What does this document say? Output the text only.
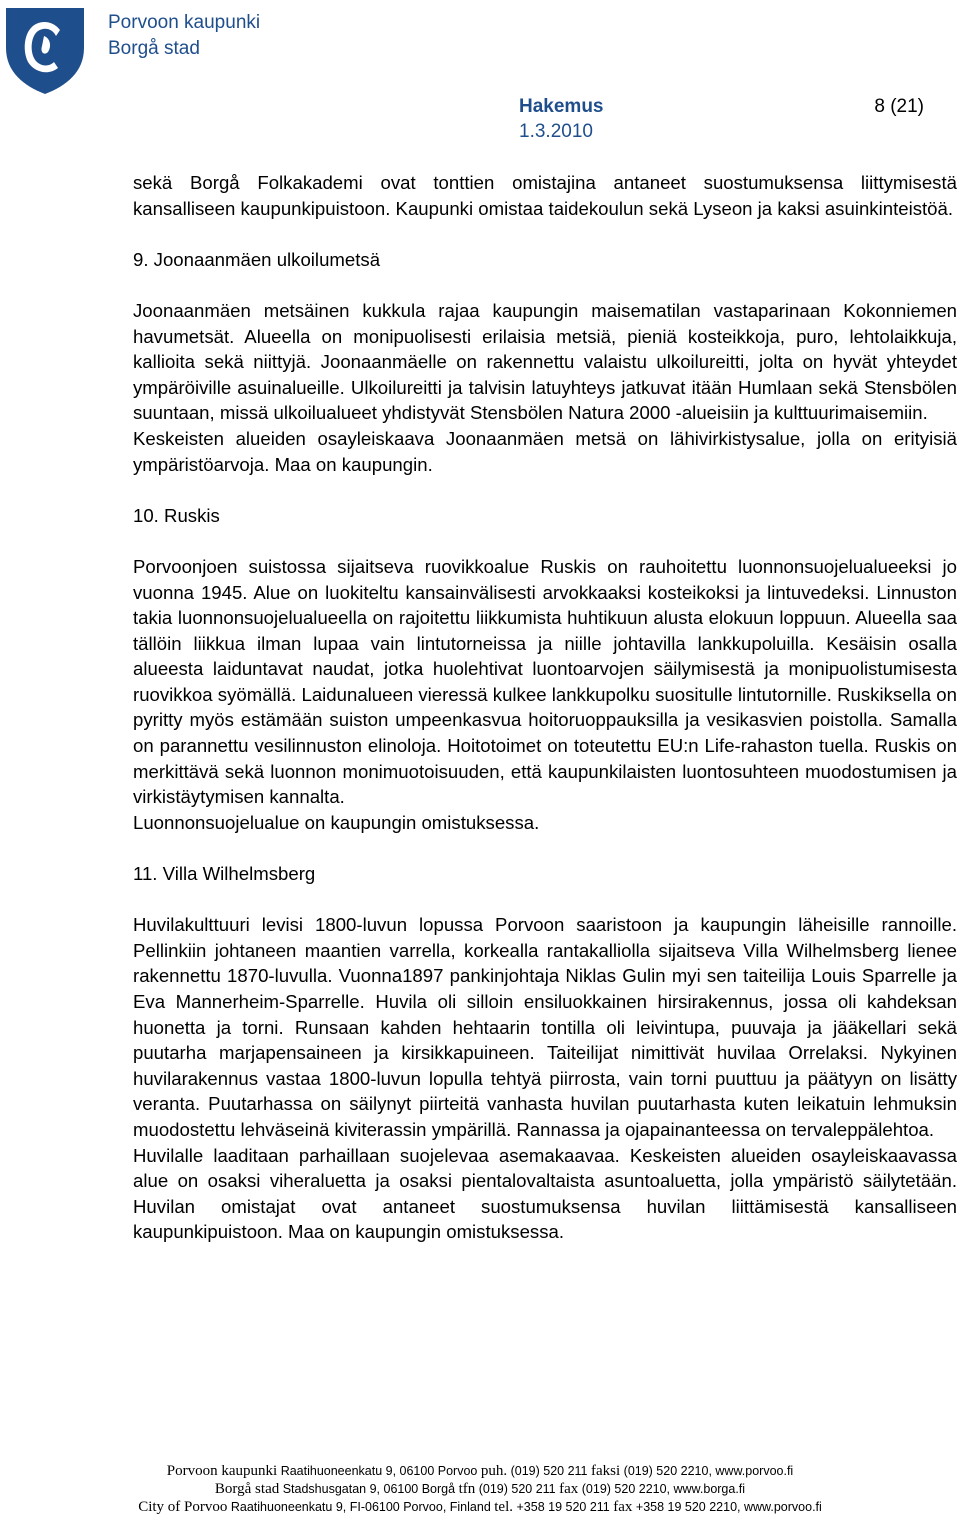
Porvoon kaupunki
Borgå stad
Hakemus	8 (21)
1.3.2010

sekä Borgå Folkakademi ovat tonttien omistajina antaneet suostumuksensa liittymisestä kansalliseen kaupunkipuistoon. Kaupunki omistaa taidekoulun sekä Lyseon ja kaksi asuinkinteistöä.

9. Joonaanmäen ulkoilumetsä

Joonaanmäen metsäinen kukkula rajaa kaupungin maisematilan vastaparinaan Kokonniemen havumetsät. Alueella on monipuolisesti erilaisia metsiä, pieniä kosteikkoja, puro, lehtolaikkuja, kallioita sekä niittyjä. Joonaanmäelle on rakennettu valaistu ulkoilureitti, jolta on hyvät yhteydet ympäröiville asuinalueille. Ulkoilureitti ja talvisin latuyhteys jatkuvat itään Humlaan sekä Stensbölen suuntaan, missä ulkoilualueet yhdistyvät Stensbölen Natura 2000 -alueisiin ja kulttuurimaisemiin.

Keskeisten alueiden osayleiskaava Joonaanmäen metsä on lähivirkistysalue, jolla on erityisiä ympäristöarvoja. Maa on kaupungin.

10. Ruskis

Porvoonjoen suistossa sijaitseva ruovikkoalue Ruskis on rauhoitettu luonnonsuojelualueeksi jo vuonna 1945. Alue on luokiteltu kansainvälisesti arvokkaaksi kosteikoksi ja lintuvedeksi. Linnuston takia luonnonsuojelualueella on rajoitettu liikkumista huhtikuun alusta elokuun loppuun. Alueella saa tällöin liikkua ilman lupaa vain lintutorneissa ja niille johtavilla lankkupoluilla. Kesäisin osalla alueesta laiduntavat naudat, jotka huolehtivat luontoarvojen säilymisestä ja monipuolistumisesta ruovikkoa syömällä. Laidunalueen vieressä kulkee lankkupolku suositulle lintutornille. Ruskiksella on pyritty myös estämään suiston umpeenkasvua hoitoruoppauksilla ja vesikasvien poistolla. Samalla on parannettu vesilinnuston elinoloja. Hoitotoimet on toteutettu EU:n Life-rahaston tuella. Ruskis on merkittävä sekä luonnon monimuotoisuuden, että kaupunkilaisten luontosuhteen muodostumisen ja virkistäytymisen kannalta.

Luonnonsuojelualue on kaupungin omistuksessa.

11. Villa Wilhelmsberg

Huvilakulttuuri levisi 1800-luvun lopussa Porvoon saaristoon ja kaupungin läheisille rannoille. Pellinkiin johtaneen maantien varrella, korkealla rantakalliolla sijaitseva Villa Wilhelmsberg lienee rakennettu 1870-luvulla. Vuonna1897 pankinjohtaja Niklas Gulin myi sen taiteilija Louis Sparrelle ja Eva Mannerheim-Sparrelle. Huvila oli silloin ensiluokkainen hirsirakennus, jossa oli kahdeksan huonetta ja torni. Runsaan kahden hehtaarin tontilla oli leivintupa, puuvaja ja jääkellari sekä puutarha marjapensaineen ja kirsikkapuineen. Taiteilijat nimittivät huvilaa Orrelaksi. Nykyinen huvilarakennus vastaa 1800-luvun lopulla tehtyä piirrosta, vain torni puuttuu ja päätyyn on lisätty veranta. Puutarhassa on säilynyt piirteitä vanhasta huvilan puutarhasta kuten leikatuin lehmuksin muodostettu lehväseinä kiviterassin ympärillä. Rannassa ja ojapainanteessa on tervaleppälehtoa.

Huvilalle laaditaan parhaillaan suojelevaa asemakaavaa. Keskeisten alueiden osayleiskaavassa alue on osaksi viheraluetta ja osaksi pientalovaltaista asuntoaluetta, jolla ympäristö säilytetään. Huvilan omistajat ovat antaneet suostumuksensa huvilan liittämisestä kansalliseen kaupunkipuistoon. Maa on kaupungin omistuksessa.

Porvoon kaupunki Raatihuoneenkatu 9, 06100 Porvoo puh. (019) 520 211 faksi (019) 520 2210, www.porvoo.fi
Borgå stad Stadshusgatan 9, 06100 Borgå tfn (019) 520 211 fax (019) 520 2210, www.borga.fi
City of Porvoo Raatihuoneenkatu 9, FI-06100 Porvoo, Finland tel. +358 19 520 211 fax +358 19 520 2210, www.porvoo.fi
